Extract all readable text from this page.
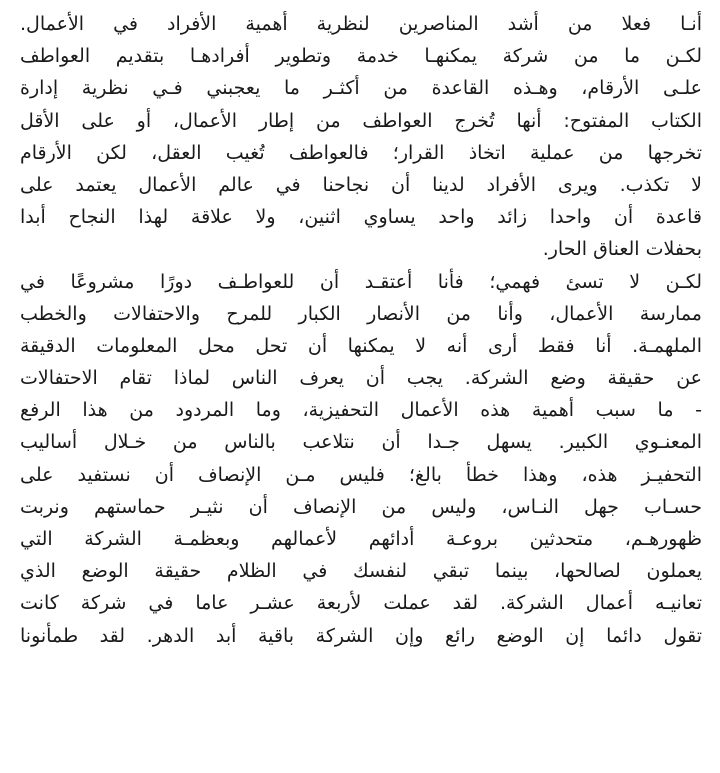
أنـا فعلا من أشد المناصرين لنظرية أهمية الأفراد في الأعمال.
لكـن ما من شركة يمكنهـا خدمة وتطوير أفرادهـا بتقديم العواطف
علـى الأرقام، وهـذه القاعدة من أكثـر ما يعجبني فـي نظرية إدارة
الكتاب المفتوح: أنها تُخرج العواطف من إطار الأعمال، أو على الأقل
تخرجها من عملية اتخاذ القرار؛ فالعواطف تُغيب العقل، لكن الأرقام
لا تكذب. ويرى الأفراد لدينا أن نجاحنا في عالم الأعمال يعتمد على
قاعدة أن واحدا زائد واحد يساوي اثنين، ولا علاقة لهذا النجاح أبدا
بحفلات العناق الحار.
لكـن لا تسئ فهمي؛ فأنا أعتقـد أن للعواطـف دورًا مشروعًا في
ممارسة الأعمال، وأنا من الأنصار الكبار للمرح والاحتفالات والخطب
الملهمـة. أنا فقط أرى أنه لا يمكنها أن تحل محل المعلومات الدقيقة
عن حقيقة وضع الشركة. يجب أن يعرف الناس لماذا تقام الاحتفالات
- ما سبب أهمية هذه الأعمال التحفيزية، وما المردود من هذا الرفع
المعنـوي الكبير. يسهل جـدا أن نتلاعب بالناس من خـلال أساليب
التحفيـز هذه، وهذا خطأ بالغ؛ فليس مـن الإنصاف أن نستفيد على
حسـاب جهل النـاس، وليس من الإنصاف أن نثيـر حماستهم ونربت
ظهورهـم، متحدثين بروعـة أدائهم لأعمالهم وبعظمـة الشركة التي
يعملون لصالحها، بينما تبقي لنفسك في الظلام حقيقة الوضع الذي
تعانيـه أعمال الشركة. لقد عملت لأربعة عشـر عاما في شركة كانت
تقول دائما إن الوضع رائع وإن الشركة باقية أبد الدهر. لقد طمأنونا
